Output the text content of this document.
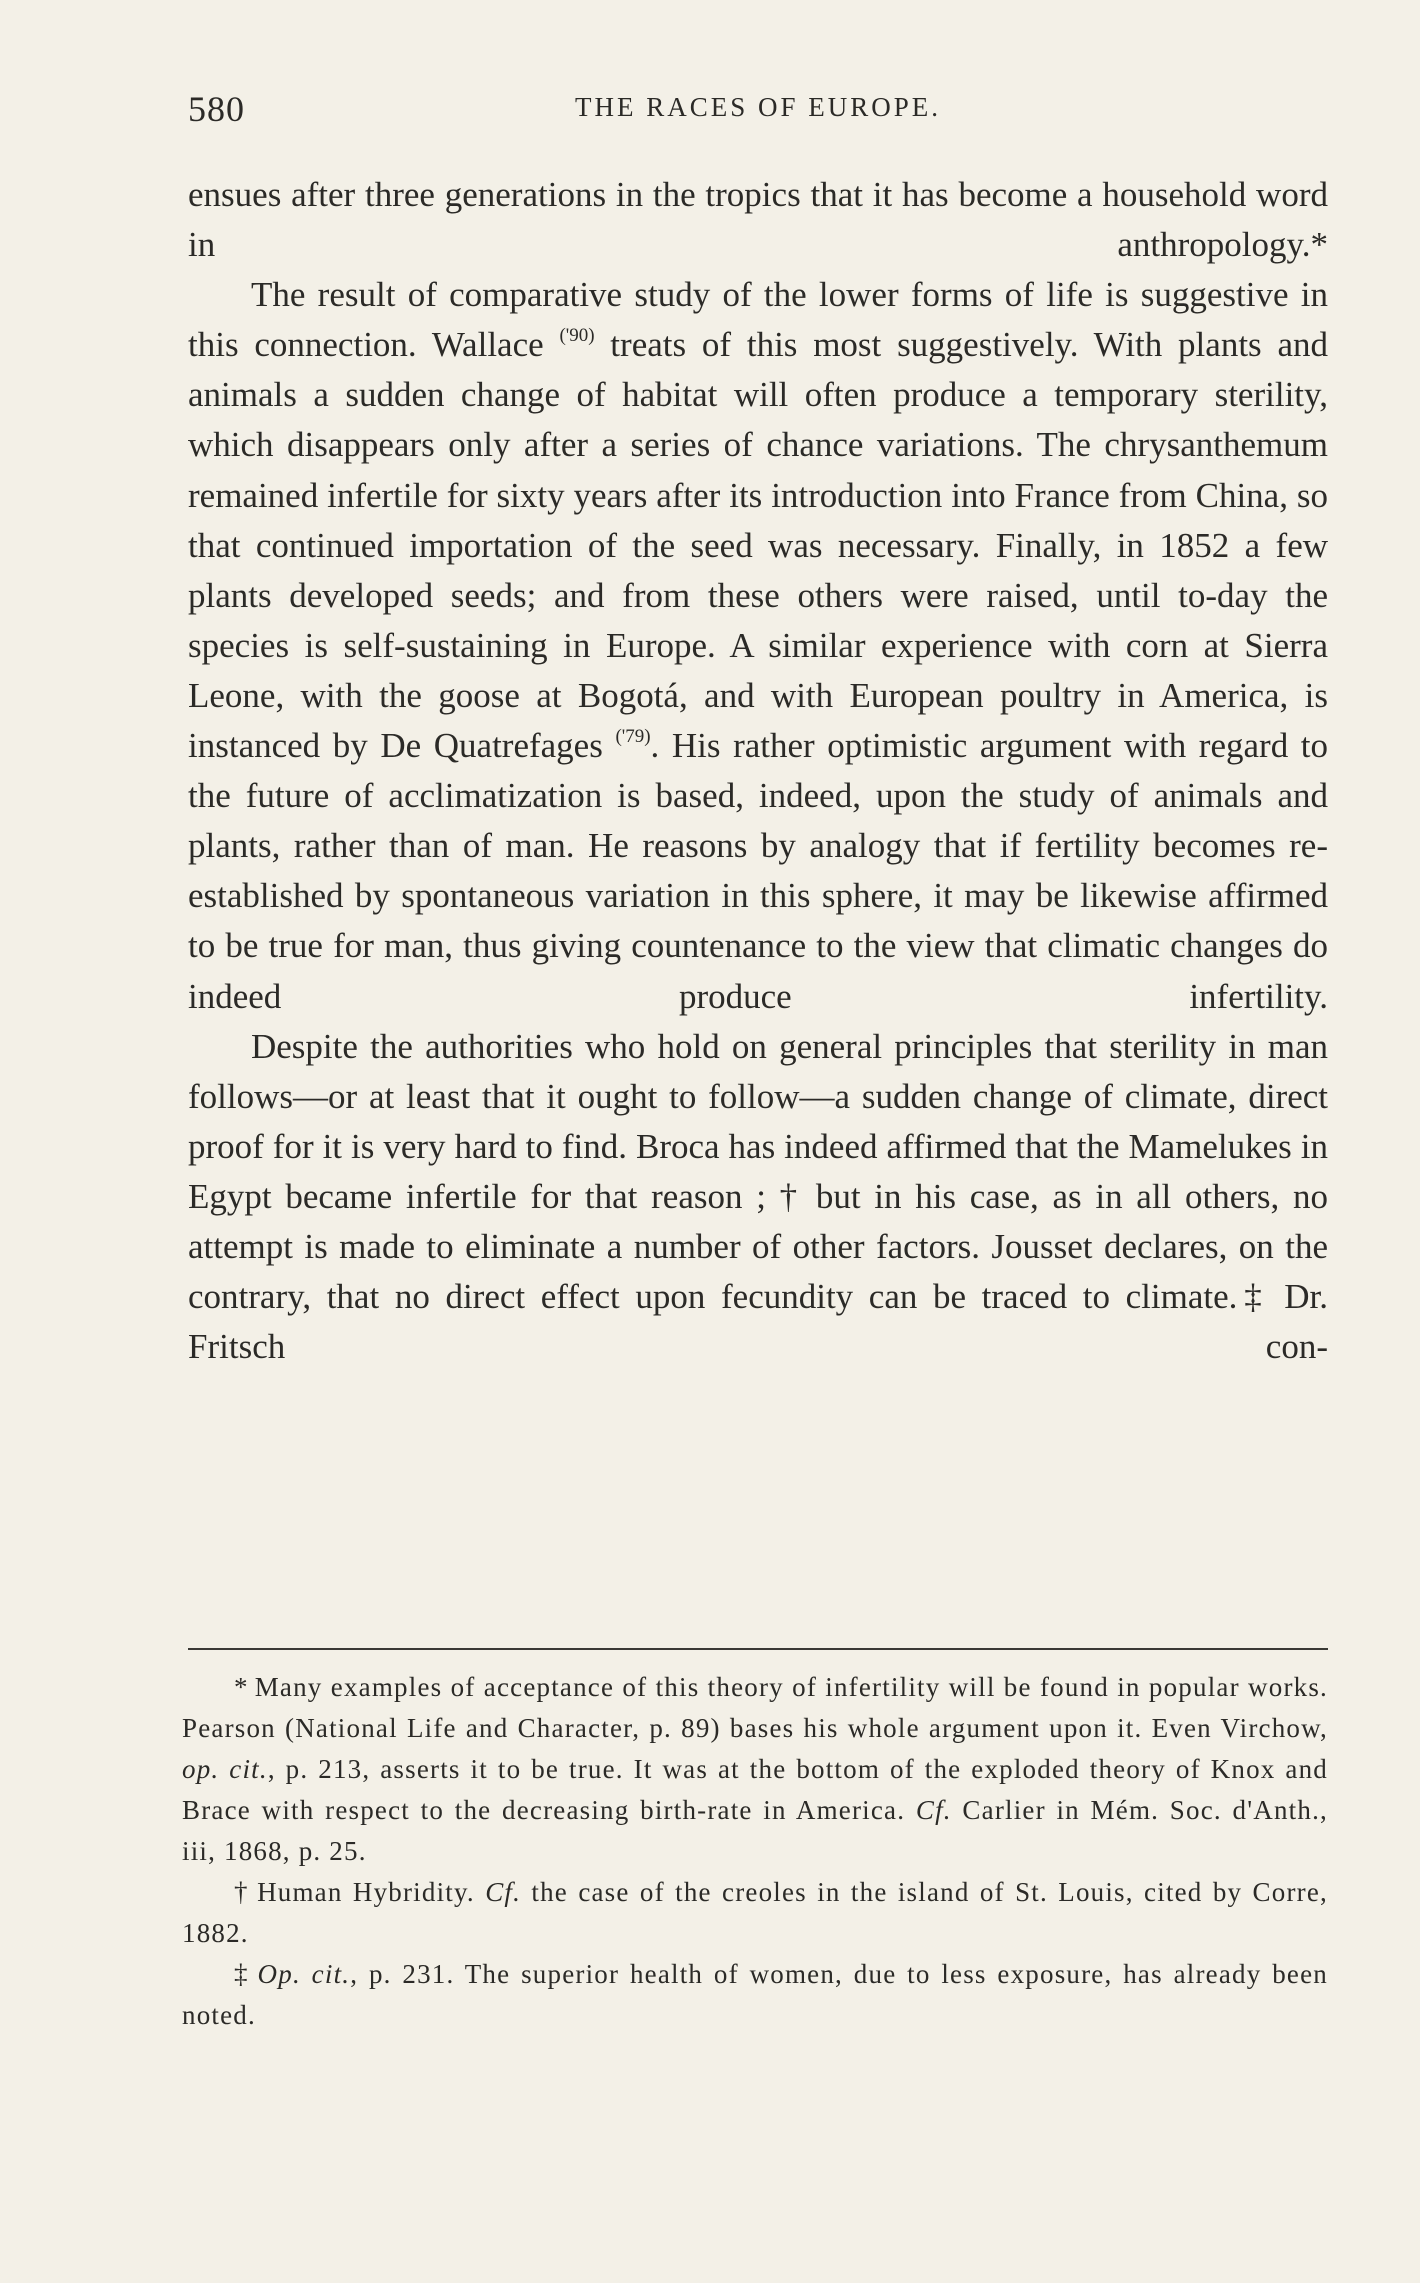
580	THE RACES OF EUROPE.

ensues after three generations in the tropics that it has become a household word in anthropology.*

The result of comparative study of the lower forms of life is suggestive in this connection. Wallace $^{('90)}$ treats of this most suggestively. With plants and animals a sudden change of habitat will often produce a temporary sterility, which disappears only after a series of chance variations. The chrysanthemum remained infertile for sixty years after its introduction into France from China, so that continued importation of the seed was necessary. Finally, in 1852 a few plants developed seeds; and from these others were raised, until to-day the species is self-sustaining in Europe. A similar experience with corn at Sierra Leone, with the goose at Bogotá, and with European poultry in America, is instanced by De Quatrefages $^{('79)}$. His rather optimistic argument with regard to the future of acclimatization is based, indeed, upon the study of animals and plants, rather than of man. He reasons by analogy that if fertility becomes re-established by spontaneous variation in this sphere, it may be likewise affirmed to be true for man, thus giving countenance to the view that climatic changes do indeed produce infertility.

Despite the authorities who hold on general principles that sterility in man follows—or at least that it ought to follow—a sudden change of climate, direct proof for it is very hard to find. Broca has indeed affirmed that the Mamelukes in Egypt became infertile for that reason ; † but in his case, as in all others, no attempt is made to eliminate a number of other factors. Jousset declares, on the contrary, that no direct effect upon fecundity can be traced to climate.‡ Dr. Fritsch con-

* Many examples of acceptance of this theory of infertility will be found in popular works. Pearson (National Life and Character, p. 89) bases his whole argument upon it. Even Virchow, op. cit., p. 213, asserts it to be true. It was at the bottom of the exploded theory of Knox and Brace with respect to the decreasing birth-rate in America. Cf. Carlier in Mém. Soc. d'Anth., iii, 1868, p. 25.

† Human Hybridity. Cf. the case of the creoles in the island of St. Louis, cited by Corre, 1882.

‡ Op. cit., p. 231. The superior health of women, due to less exposure, has already been noted.
